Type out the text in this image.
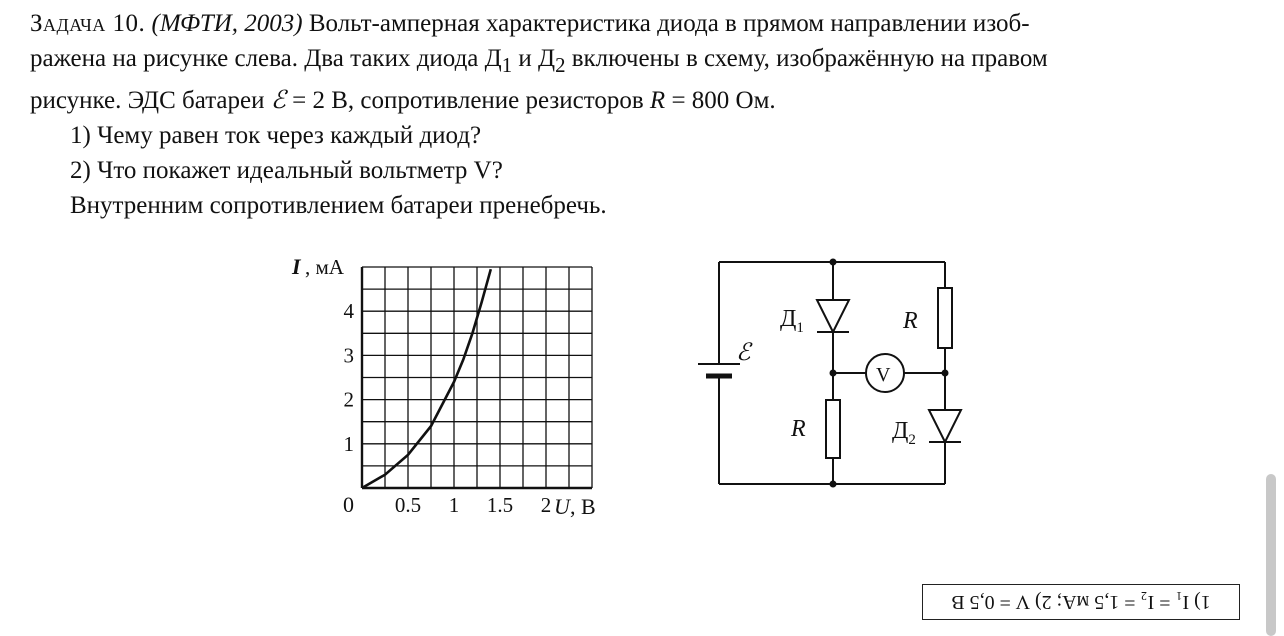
Задача 10. (МФТИ, 2003) Вольт-амперная характеристика диода в прямом направлении изоб-

ражена на рисунке слева. Два таких диода $Д_1$ и $Д_2$ включены в схему, изображённую на правом

рисунке. ЭДС батареи ℰ = 2 В, сопротивление резисторов R = 800 Ом.

1) Чему равен ток через каждый диод?

2) Что покажет идеальный вольтметр V?

Внутренним сопротивлением батареи пренебречь.

0.5 1 1.5 2
1
2
3
4
I , мА
U , В
0
V
ℰ
$Д_1$
$Д_2$
R
R
1) I₁ = I₂ = 1,5 мА; 2) V = 0,5 В
